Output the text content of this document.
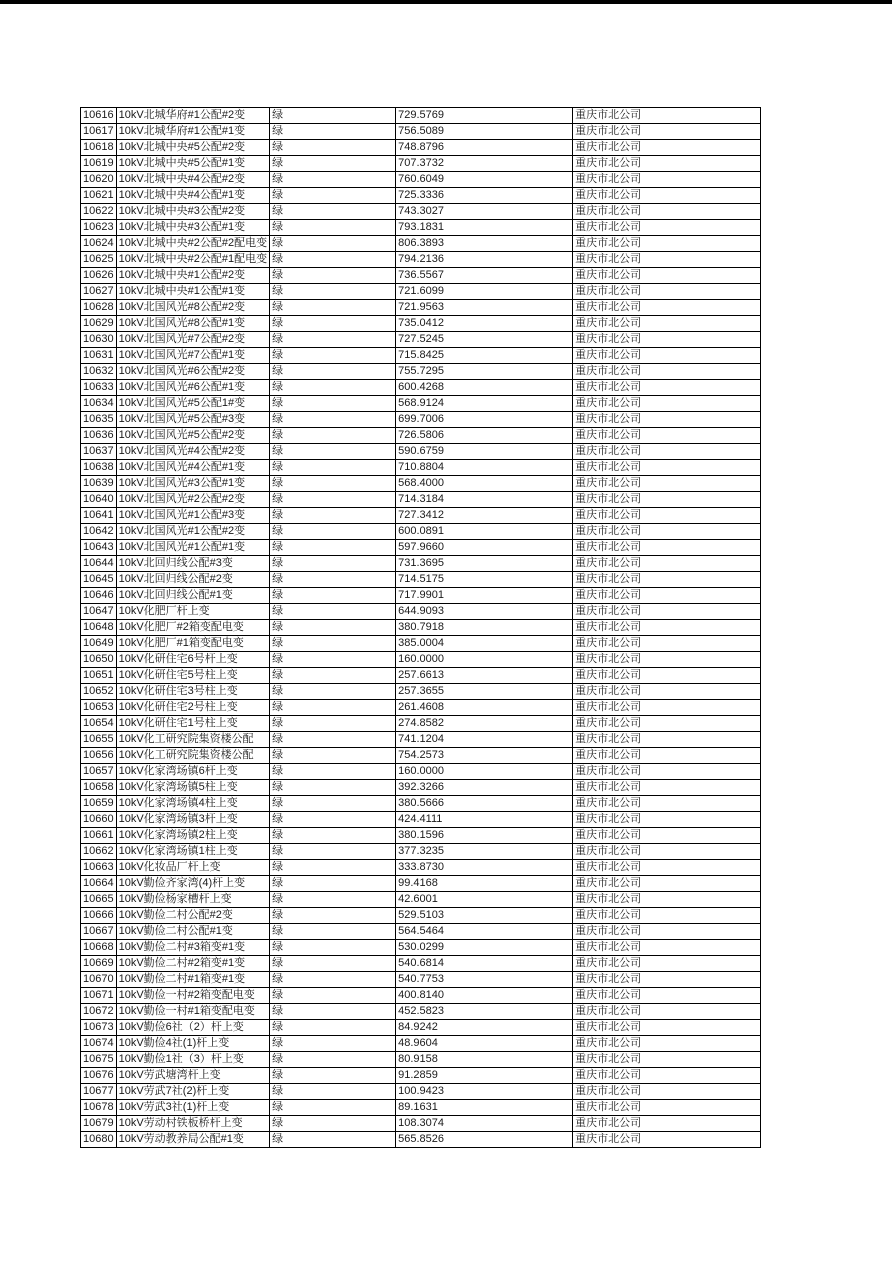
10616	10kV北城华府#1公配#2变	绿	729.5769	重庆市北公司
10617	10kV北城华府#1公配#1变	绿	756.5089	重庆市北公司
10618	10kV北城中央#5公配#2变	绿	748.8796	重庆市北公司
10619	10kV北城中央#5公配#1变	绿	707.3732	重庆市北公司
10620	10kV北城中央#4公配#2变	绿	760.6049	重庆市北公司
10621	10kV北城中央#4公配#1变	绿	725.3336	重庆市北公司
10622	10kV北城中央#3公配#2变	绿	743.3027	重庆市北公司
10623	10kV北城中央#3公配#1变	绿	793.1831	重庆市北公司
10624	10kV北城中央#2公配#2配电变	绿	806.3893	重庆市北公司
10625	10kV北城中央#2公配#1配电变	绿	794.2136	重庆市北公司
10626	10kV北城中央#1公配#2变	绿	736.5567	重庆市北公司
10627	10kV北城中央#1公配#1变	绿	721.6099	重庆市北公司
10628	10kV北国风光#8公配#2变	绿	721.9563	重庆市北公司
10629	10kV北国风光#8公配#1变	绿	735.0412	重庆市北公司
10630	10kV北国风光#7公配#2变	绿	727.5245	重庆市北公司
10631	10kV北国风光#7公配#1变	绿	715.8425	重庆市北公司
10632	10kV北国风光#6公配#2变	绿	755.7295	重庆市北公司
10633	10kV北国风光#6公配#1变	绿	600.4268	重庆市北公司
10634	10kV北国风光#5公配1#变	绿	568.9124	重庆市北公司
10635	10kV北国风光#5公配#3变	绿	699.7006	重庆市北公司
10636	10kV北国风光#5公配#2变	绿	726.5806	重庆市北公司
10637	10kV北国风光#4公配#2变	绿	590.6759	重庆市北公司
10638	10kV北国风光#4公配#1变	绿	710.8804	重庆市北公司
10639	10kV北国风光#3公配#1变	绿	568.4000	重庆市北公司
10640	10kV北国风光#2公配#2变	绿	714.3184	重庆市北公司
10641	10kV北国风光#1公配#3变	绿	727.3412	重庆市北公司
10642	10kV北国风光#1公配#2变	绿	600.0891	重庆市北公司
10643	10kV北国风光#1公配#1变	绿	597.9660	重庆市北公司
10644	10kV北回归线公配#3变	绿	731.3695	重庆市北公司
10645	10kV北回归线公配#2变	绿	714.5175	重庆市北公司
10646	10kV北回归线公配#1变	绿	717.9901	重庆市北公司
10647	10kV化肥厂杆上变	绿	644.9093	重庆市北公司
10648	10kV化肥厂#2箱变配电变	绿	380.7918	重庆市北公司
10649	10kV化肥厂#1箱变配电变	绿	385.0004	重庆市北公司
10650	10kV化研住宅6号杆上变	绿	160.0000	重庆市北公司
10651	10kV化研住宅5号柱上变	绿	257.6613	重庆市北公司
10652	10kV化研住宅3号柱上变	绿	257.3655	重庆市北公司
10653	10kV化研住宅2号柱上变	绿	261.4608	重庆市北公司
10654	10kV化研住宅1号柱上变	绿	274.8582	重庆市北公司
10655	10kV化工研究院集资楼公配	绿	741.1204	重庆市北公司
10656	10kV化工研究院集资楼公配	绿	754.2573	重庆市北公司
10657	10kV化家湾场镇6杆上变	绿	160.0000	重庆市北公司
10658	10kV化家湾场镇5柱上变	绿	392.3266	重庆市北公司
10659	10kV化家湾场镇4柱上变	绿	380.5666	重庆市北公司
10660	10kV化家湾场镇3杆上变	绿	424.4111	重庆市北公司
10661	10kV化家湾场镇2柱上变	绿	380.1596	重庆市北公司
10662	10kV化家湾场镇1柱上变	绿	377.3235	重庆市北公司
10663	10kV化妆品厂杆上变	绿	333.8730	重庆市北公司
10664	10kV勤俭齐家湾(4)杆上变	绿	99.4168	重庆市北公司
10665	10kV勤俭杨家槽杆上变	绿	42.6001	重庆市北公司
10666	10kV勤俭二村公配#2变	绿	529.5103	重庆市北公司
10667	10kV勤俭二村公配#1变	绿	564.5464	重庆市北公司
10668	10kV勤俭二村#3箱变#1变	绿	530.0299	重庆市北公司
10669	10kV勤俭二村#2箱变#1变	绿	540.6814	重庆市北公司
10670	10kV勤俭二村#1箱变#1变	绿	540.7753	重庆市北公司
10671	10kV勤俭一村#2箱变配电变	绿	400.8140	重庆市北公司
10672	10kV勤俭一村#1箱变配电变	绿	452.5823	重庆市北公司
10673	10kV勤俭6社（2）杆上变	绿	84.9242	重庆市北公司
10674	10kV勤俭4社(1)杆上变	绿	48.9604	重庆市北公司
10675	10kV勤俭1社（3）杆上变	绿	80.9158	重庆市北公司
10676	10kV劳武塘湾杆上变	绿	91.2859	重庆市北公司
10677	10kV劳武7社(2)杆上变	绿	100.9423	重庆市北公司
10678	10kV劳武3社(1)杆上变	绿	89.1631	重庆市北公司
10679	10kV劳动村铁板桥杆上变	绿	108.3074	重庆市北公司
10680	10kV劳动教养局公配#1变	绿	565.8526	重庆市北公司
